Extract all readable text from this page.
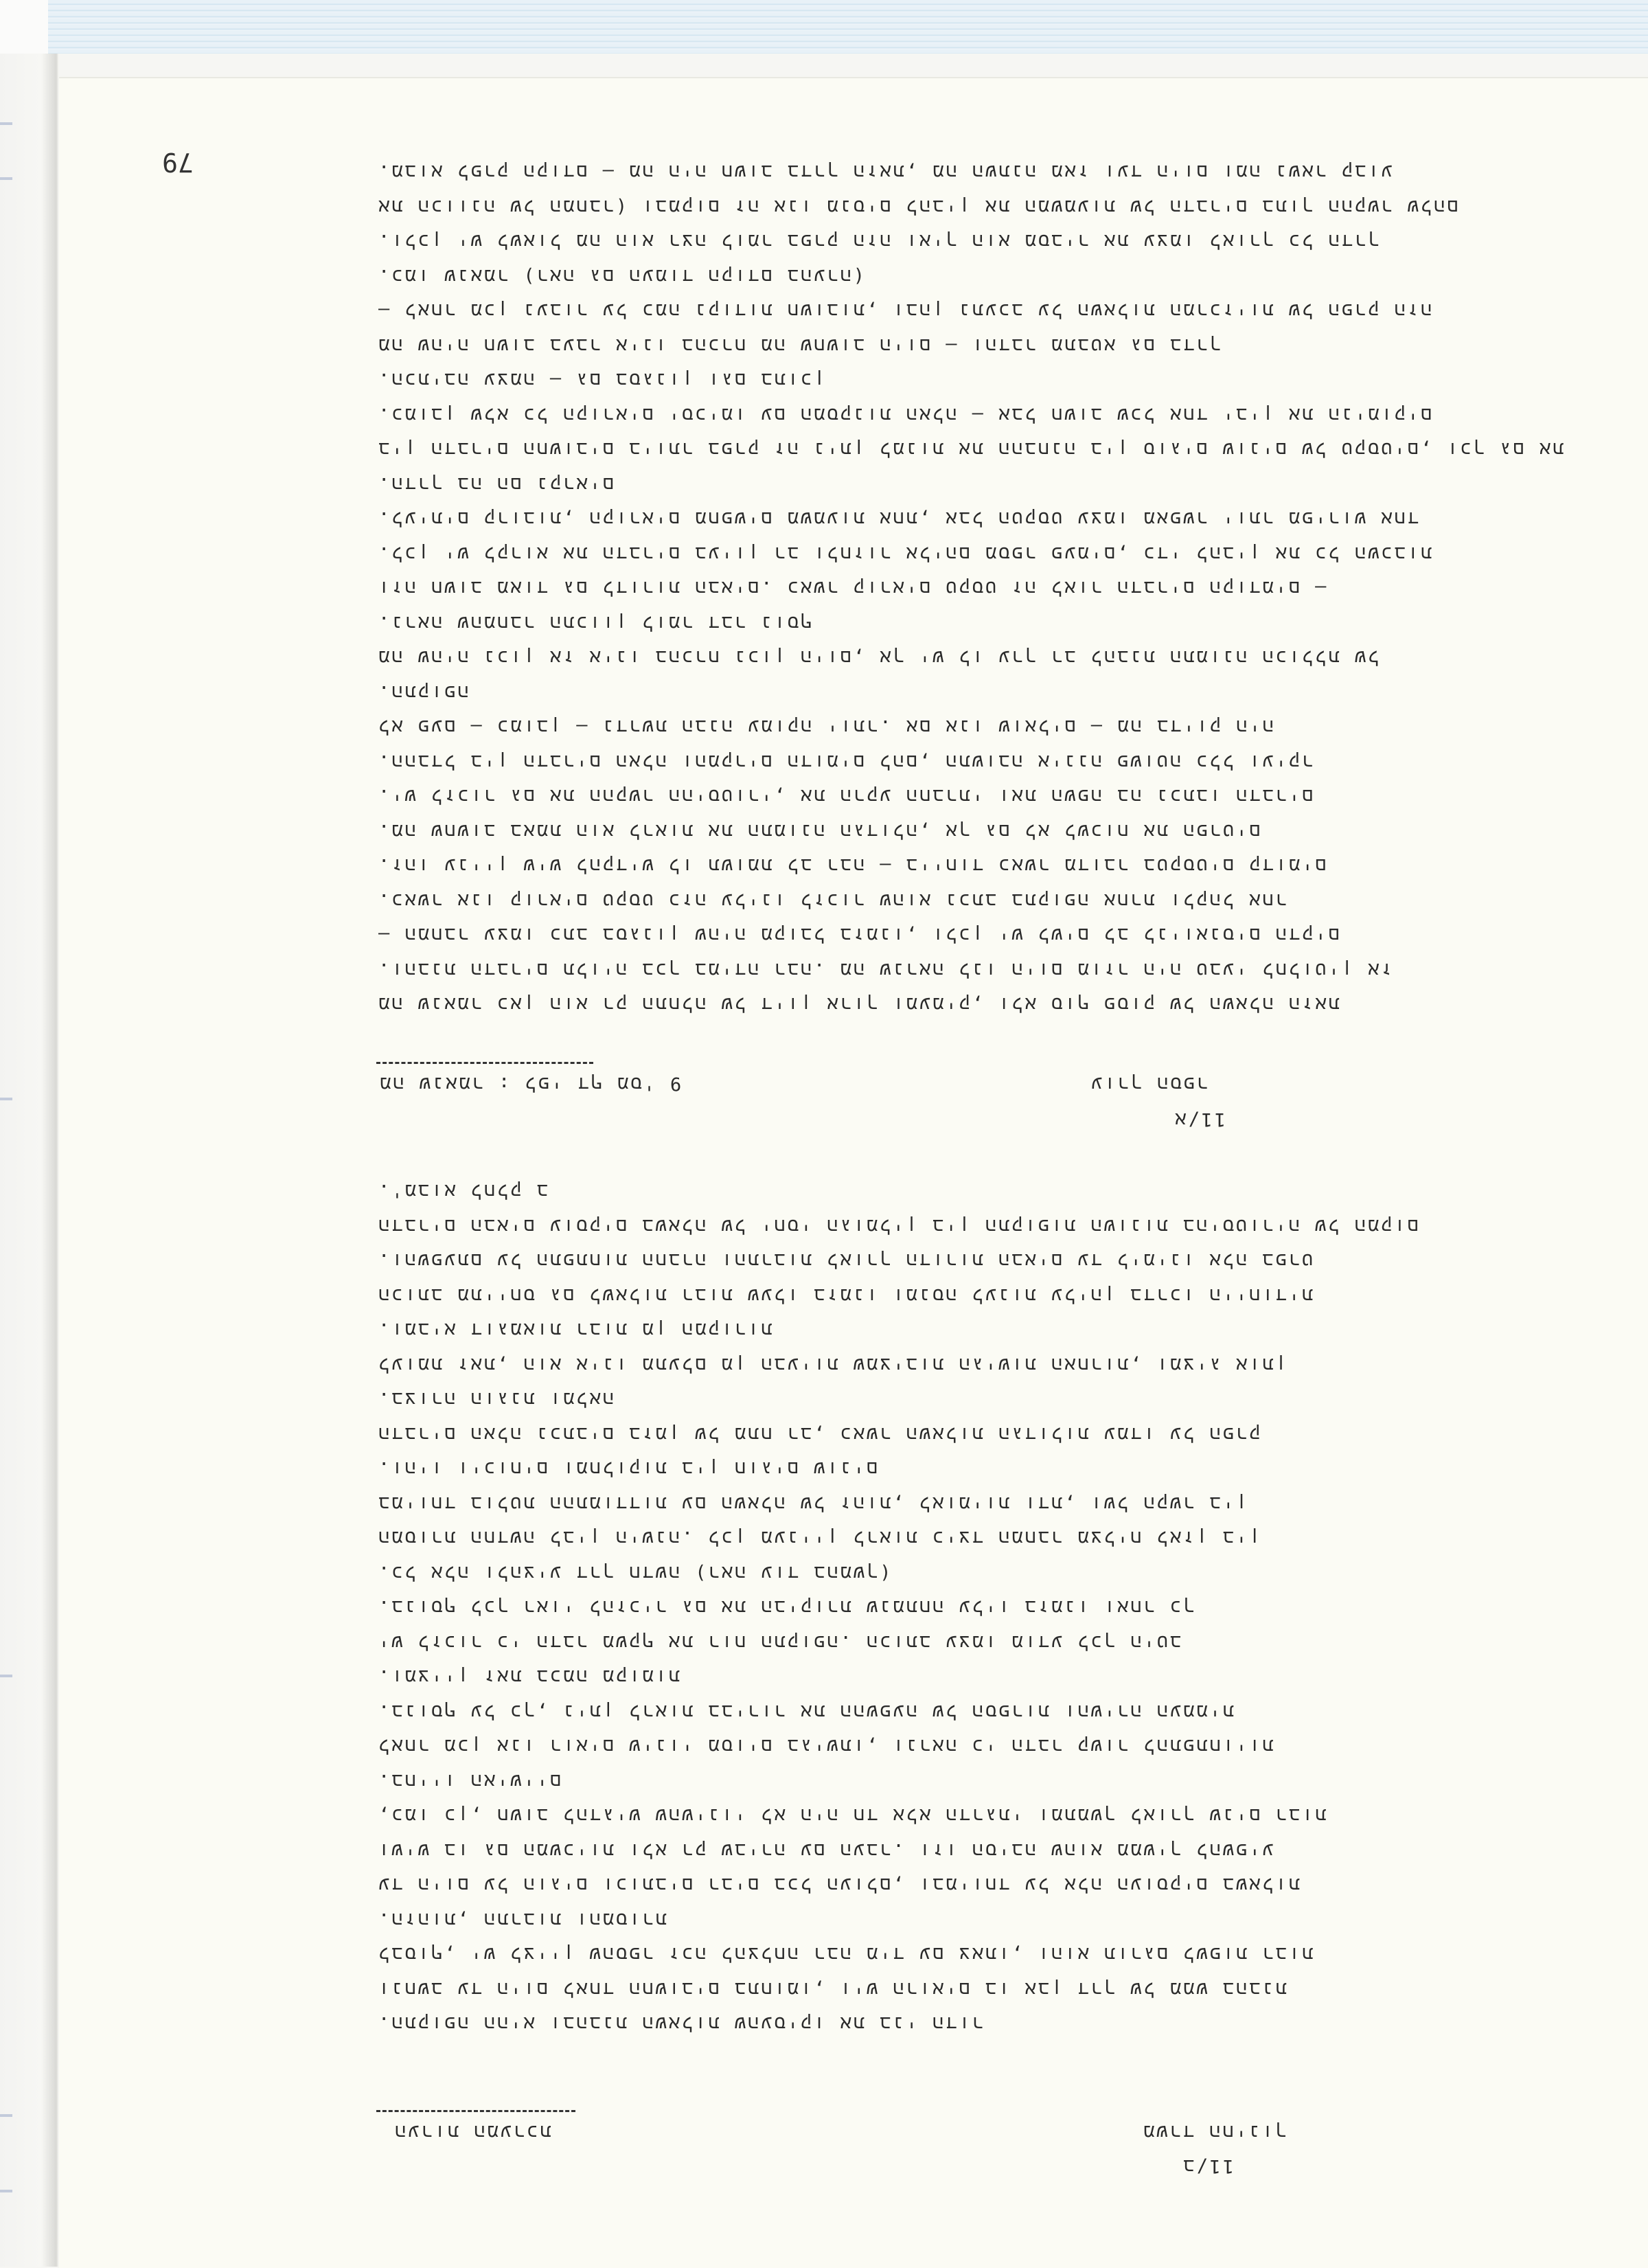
79	מבוא לפרק הקודם – מה היה חשוב בדרך הזאת, מה השתנה מאז ועד היום ומה נשאר קבוע.
את הכוונה של המחבר) ובמקום זה אנו מנסים להבין את המשמעות של הדברים בתוך ההקשר שלהם
ולכן יש לשאול מה הוא רצה לומר בפרק הזה ואיך הוא מסביר את עצמו לאורך כל הדרך.
כמו שנאמר (ראה גם העמוד הקודם בהערה).
לאחר מכן נעבור על כמה נקודות חשובות, ובהן נתעכב על השאלות המרכזיות של הפרק הזה –
מה שהיה חשוב בעבר אינו בהכרח מה שחשוב היום – והדבר מתבטא גם בדרך
הכתיבה עצמה – גם בסגנון וגם בתוכן.
כמובן שלא כל הקוראים יסכימו עם המסקנות האלה – אבל חשוב שכל אחד יבין את הנימוקים.
בין הדברים החשובים ביותר בפרק זה ניתן למנות את ההבחנה בין סוגים שונים של טקסטים, וכך גם את
הדרך בה הם נקראים.
לעיתים קרובות, הקוראים מחפשים משמעות אחת, אבל הטקסט עצמו מאפשר יותר מפירוש אחד.
לכן יש לקרוא את הדברים בעיון רב ולחזור אליהם מספר פעמים, כדי להבין את כל השכבות.
– וזה חשוב מאוד גם לדורות הבאים. כאשר קוראים טקסט זה לאור הדברים הקודמים
נראה שהמחבר התכוון לומר דבר נוסף.
מה שהיה נכון אז אינו בהכרח נכון היום, אך יש לו ערך רב להבנת התמונה הכוללת של
התקופה.
לא פעם – כמובן – נדרשת הבנה עמוקה יותר. אם אנו שואלים – מה בדיוק היה
ההבדל בין הדברים האלה והמקרים הדומים להם, התשובה איננה פשוטה כלל ועיקר.
יש לזכור גם את ההקשר ההיסטורי, את הרקע החברתי ואת השפה בה נכתבו הדברים.
מה שחשוב באמת הוא לראות את התמונה הגדולה, אך גם לא לשכוח את הפרטים.
זהו עניין שיש להקדיש לו תשומת לב רבה – בייחוד כאשר מדובר בטקסטים קדומים.
כאשר אנו קוראים טקסט כזה עלינו לזכור שהוא נכתב בתקופה אחרת ולקהל אחר.
המחבר עצמו כתב בסגנון שהיה מקובל בזמנו, ולכן יש לשים לב לניואנסים הדקים –
והבנת הדברים תלויה בכך במידה רבה. מה שנראה לנו היום מוזר היה טבעי לחלוטין אז.
מה שנאמר כאן הוא רק התחלה של דיון ארוך ומעמיק, ולא סוף פסוק של השאלה הזאת
מה שנאמר : לפי דף מס' 9	עורך הספר
11/א
מבוא לחלק ב'.
הדברים הבאים עוסקים בשאלה של יחסי הגומלין בין התקופות השונות בהיסטוריה של המקום
והשפעתם על התפתחות החברה והתרבות לאורך הדורות הבאים עד לימינו אלה בפרט.
הכותב מתייחס גם לשאלות רבות שעלו בזמנו ומנסה לענות עליהן בדרכו הייחודית
ומביא דוגמאות רבות מן המקורות.
לעומת זאת, הוא אינו מתעלם מן הבעיות שמציבות הגישות האחרות, ומציג אותן
בצורה הוגנת ומלאה.
הדברים האלה נכתבים בזמן של מתח רב, כאשר השאלות הגדולות עמדו על הפרק
והיו ויכוחים ומחלוקות בין חוגים שונים.
במיוחד בולטת ההתמודדות עם השאלה של זהות, לאומיות ודת, ושל הקשר בין
המסורת החדשה לבין הישנה. לכן מעניין לראות כיצד המחבר מצליח לאזן בין
כל אלה ולהציע דרך חדשה (ראה עוד בהמשך).
בנוסף לכך ראוי להזכיר גם את הביקורת שנמתחה עליו בזמנו ואחר כך.
יש לזכור כי הדבר משקף את רוח התקופה. הכותב עצמו מודע לכך היטב
ומציין זאת בכמה מקומות.
בנוסף על כך, ניתן לראות בבירור את ההשפעה של הספרות והשירה העממית.
לאחר מכן אנו רואים שינוי מסוים בגישתו, ונראה כי הדבר קשור להתפתחויות
בחייו האישיים.
כמו כן, חשוב להדגיש שהשינוי לא היה חד אלא הדרגתי ומתמשך לאורך שנים רבות,
ושיש בו גם המשכיות ולא רק שבירה עם העבר. וזו הסיבה שהוא ממשיך להשפיע
עד היום על הוגים וכותבים רבים בכל העולם, ובמיוחד על אלה העוסקים בשאלות
הזהות, התרבות והמסורת.
לבסוף, יש לציין שהספר זכה להצלחה רבה מיד עם צאתו, והוא תורגם לשפות רבות
ונחשב עד היום לאחד החשובים בתחומו, ויש הרואים בו אבן דרך של ממש בהבנת
התקופה ההיא ובהבנת השאלות שהעסיקו את בני הדור.
הערות המערכת	משרד החינוך
11/ב
